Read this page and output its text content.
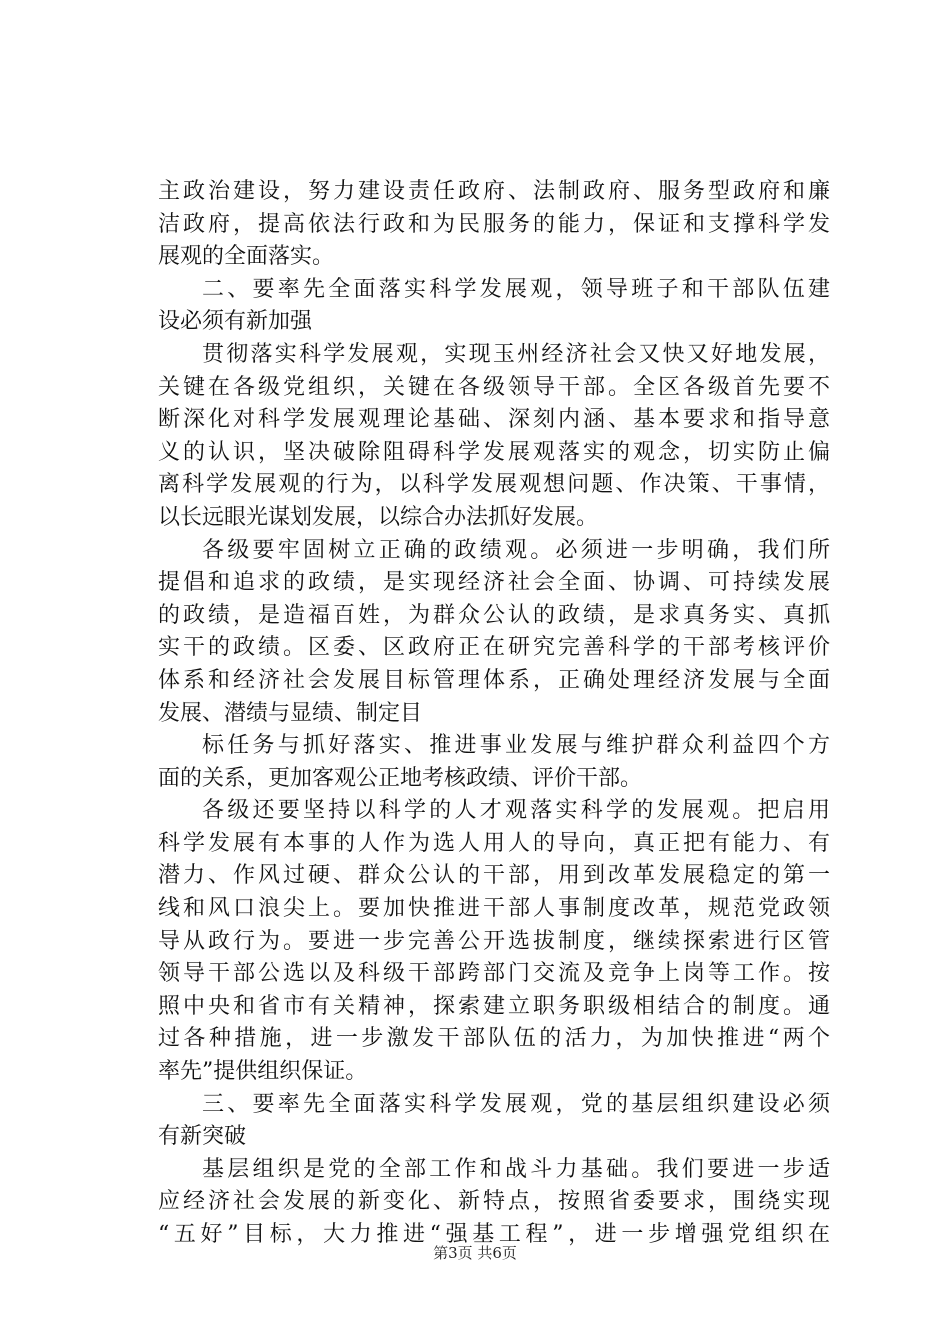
主政治建设，努力建设责任政府、法制政府、服务型政府和廉
洁政府，提高依法行政和为民服务的能力，保证和支撑科学发
展观的全面落实。
二、要率先全面落实科学发展观，领导班子和干部队伍建
设必须有新加强
贯彻落实科学发展观，实现玉州经济社会又快又好地发展，
关键在各级党组织，关键在各级领导干部。全区各级首先要不
断深化对科学发展观理论基础、深刻内涵、基本要求和指导意
义的认识，坚决破除阻碍科学发展观落实的观念，切实防止偏
离科学发展观的行为，以科学发展观想问题、作决策、干事情，
以长远眼光谋划发展，以综合办法抓好发展。
各级要牢固树立正确的政绩观。必须进一步明确，我们所
提倡和追求的政绩，是实现经济社会全面、协调、可持续发展
的政绩，是造福百姓，为群众公认的政绩，是求真务实、真抓
实干的政绩。区委、区政府正在研究完善科学的干部考核评价
体系和经济社会发展目标管理体系，正确处理经济发展与全面
发展、潜绩与显绩、制定目
标任务与抓好落实、推进事业发展与维护群众利益四个方
面的关系，更加客观公正地考核政绩、评价干部。
各级还要坚持以科学的人才观落实科学的发展观。把启用
科学发展有本事的人作为选人用人的导向，真正把有能力、有
潜力、作风过硬、群众公认的干部，用到改革发展稳定的第一
线和风口浪尖上。要加快推进干部人事制度改革，规范党政领
导从政行为。要进一步完善公开选拔制度，继续探索进行区管
领导干部公选以及科级干部跨部门交流及竞争上岗等工作。按
照中央和省市有关精神，探索建立职务职级相结合的制度。通
过各种措施，进一步激发干部队伍的活力，为加快推进“两个
率先”提供组织保证。
三、要率先全面落实科学发展观，党的基层组织建设必须
有新突破
基层组织是党的全部工作和战斗力基础。我们要进一步适
应经济社会发展的新变化、新特点，按照省委要求，围绕实现
“五好”目标，大力推进“强基工程”，进一步增强党组织在
第3页 共6页
